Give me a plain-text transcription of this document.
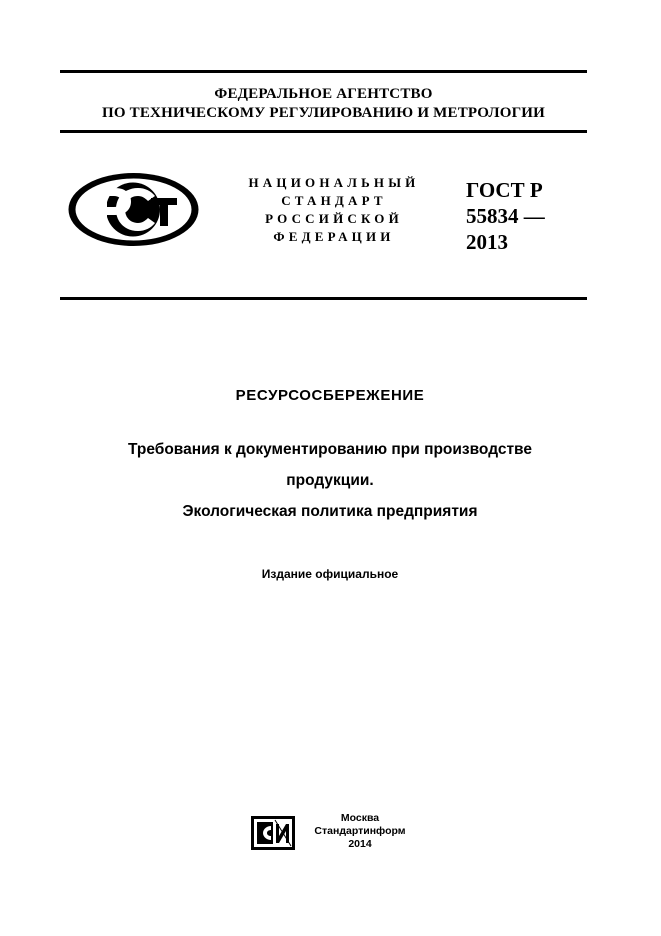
ФЕДЕРАЛЬНОЕ АГЕНТСТВО
ПО ТЕХНИЧЕСКОМУ РЕГУЛИРОВАНИЮ И МЕТРОЛОГИИ
НАЦИОНАЛЬНЫЙ
СТАНДАРТ
РОССИЙСКОЙ
ФЕДЕРАЦИИ
ГОСТ Р
55834 —
2013
РЕСУРСОСБЕРЕЖЕНИЕ
Требования к документированию при производстве
продукции.
Экологическая политика предприятия
Издание официальное
Москва
Стандартинформ
2014
